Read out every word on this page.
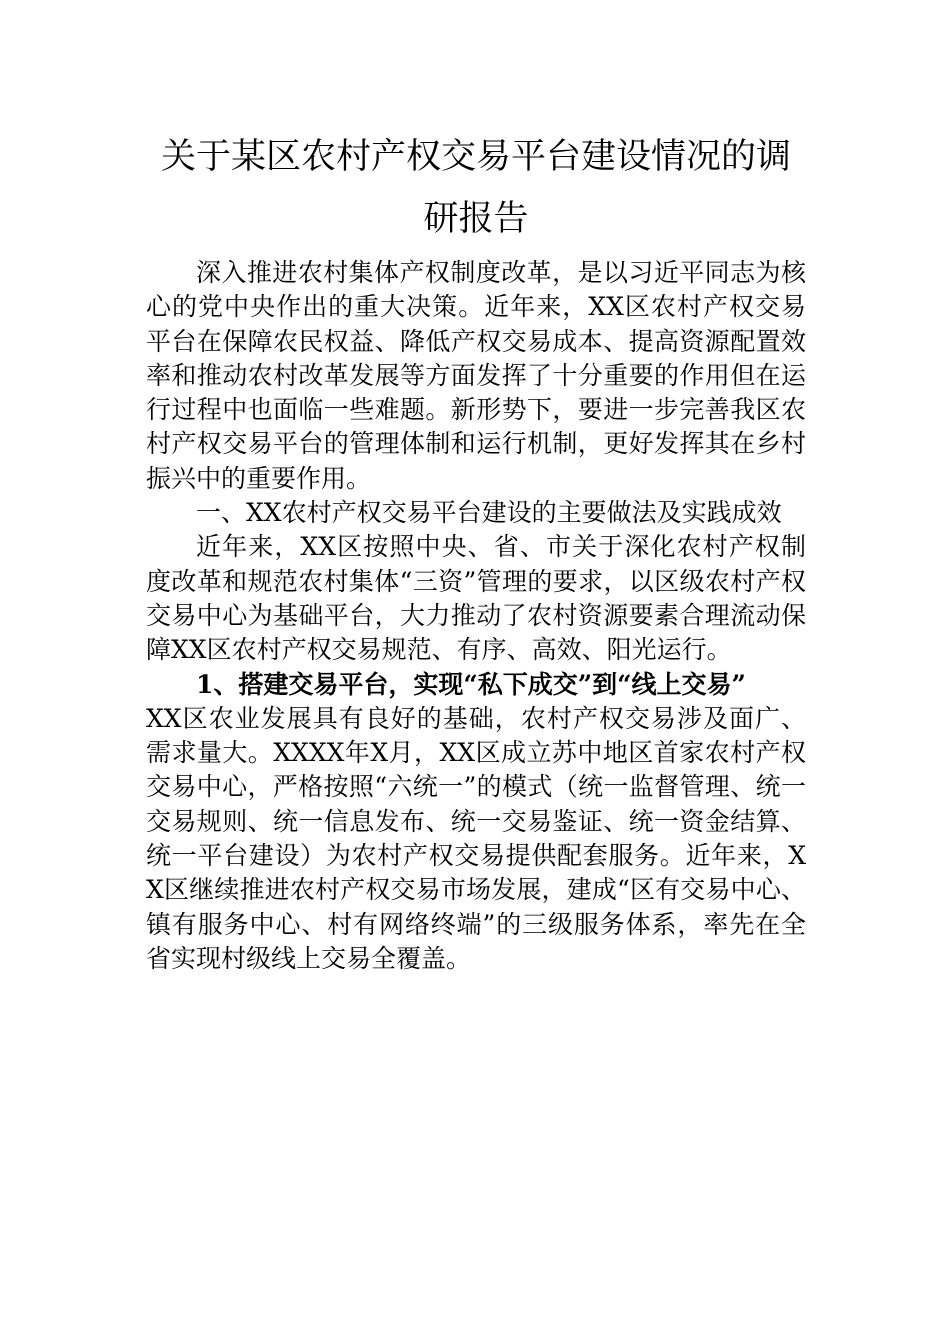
关于某区农村产权交易平台建设情况的调研报告

深入推进农村集体产权制度改革，是以习近平同志为核心的党中央作出的重大决策。近年来，XX区农村产权交易平台在保障农民权益、降低产权交易成本、提高资源配置效率和推动农村改革发展等方面发挥了十分重要的作用但在运行过程中也面临一些难题。新形势下，要进一步完善我区农村产权交易平台的管理体制和运行机制，更好发挥其在乡村振兴中的重要作用。

一、XX农村产权交易平台建设的主要做法及实践成效

近年来，XX区按照中央、省、市关于深化农村产权制度改革和规范农村集体“三资”管理的要求，以区级农村产权交易中心为基础平台，大力推动了农村资源要素合理流动保障XX区农村产权交易规范、有序、高效、阳光运行。

1、搭建交易平台，实现“私下成交”到“线上交易”

XX区农业发展具有良好的基础，农村产权交易涉及面广、需求量大。XXXX年X月，XX区成立苏中地区首家农村产权交易中心，严格按照“六统一”的模式（统一监督管理、统一交易规则、统一信息发布、统一交易鉴证、统一资金结算、统一平台建设）为农村产权交易提供配套服务。近年来，XX区继续推进农村产权交易市场发展，建成“区有交易中心、镇有服务中心、村有网络终端”的三级服务体系，率先在全省实现村级线上交易全覆盖。
